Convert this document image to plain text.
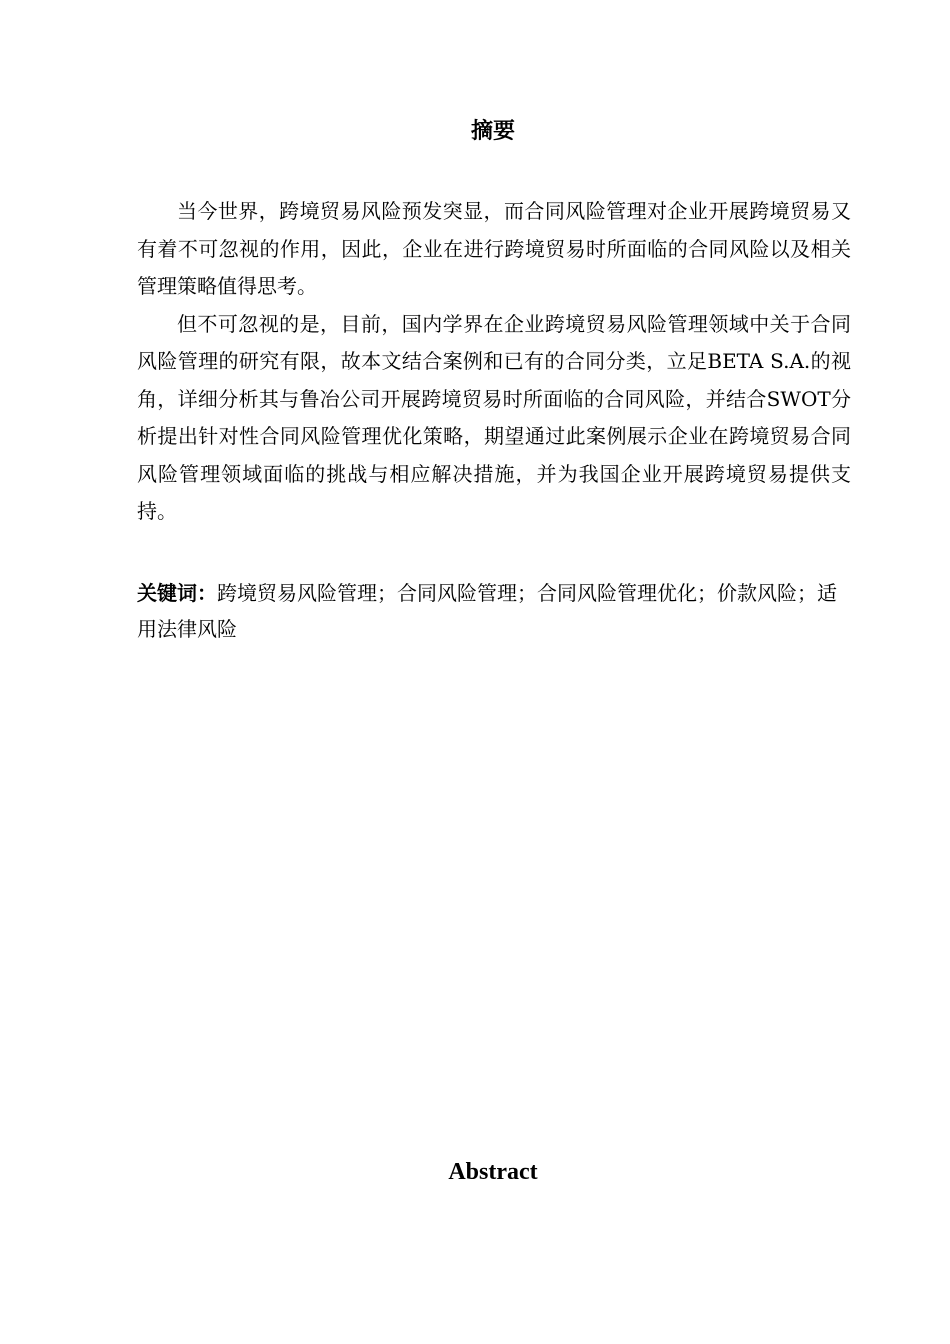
摘要

当今世界，跨境贸易风险预发突显，而合同风险管理对企业开展跨境贸易又有着不可忽视的作用，因此，企业在进行跨境贸易时所面临的合同风险以及相关管理策略值得思考。

但不可忽视的是，目前，国内学界在企业跨境贸易风险管理领域中关于合同风险管理的研究有限，故本文结合案例和已有的合同分类，立足BETA S.A.的视角，详细分析其与鲁冶公司开展跨境贸易时所面临的合同风险，并结合SWOT分析提出针对性合同风险管理优化策略，期望通过此案例展示企业在跨境贸易合同风险管理领域面临的挑战与相应解决措施，并为我国企业开展跨境贸易提供支持。

关键词：跨境贸易风险管理；合同风险管理；合同风险管理优化；价款风险；适用法律风险

Abstract
